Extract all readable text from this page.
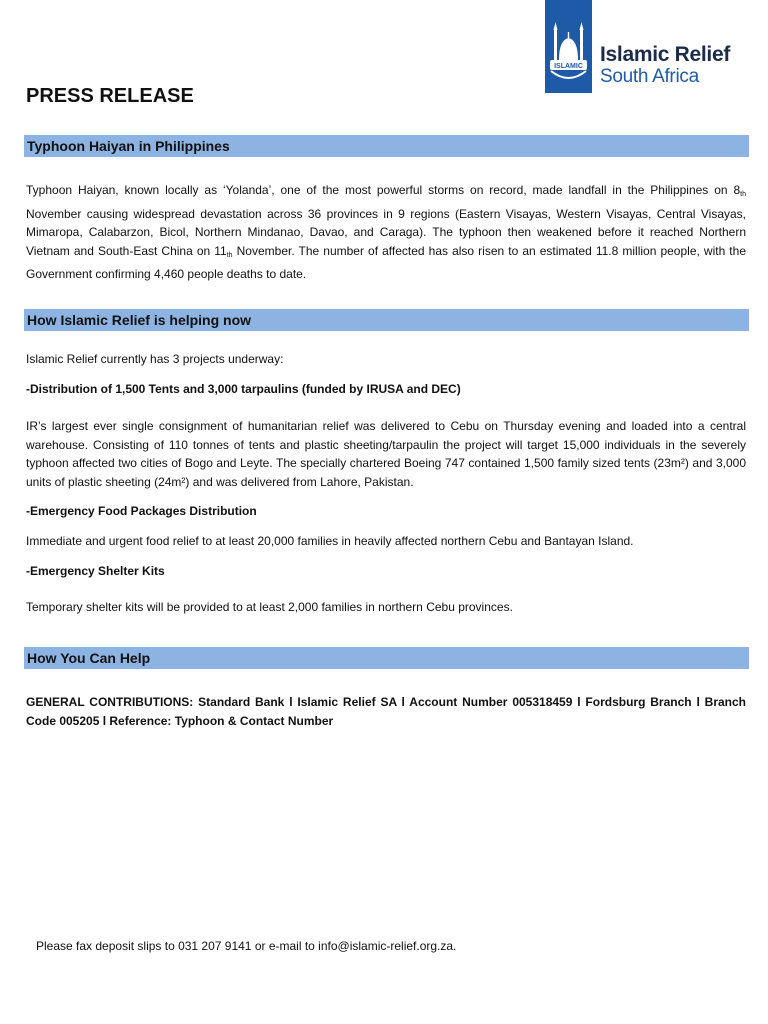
ISLAMIC
Islamic Relief
South Africa
PRESS RELEASE
Typhoon Haiyan in Philippines

Typhoon Haiyan, known locally as ‘Yolanda’, one of the most powerful storms on record, made landfall in the Philippines on $8_{th}$ November causing widespread devastation across 36 provinces in 9 regions (Eastern Visayas, Western Visayas, Central Visayas, Mimaropa, Calabarzon, Bicol, Northern Mindanao, Davao, and Caraga). The typhoon then weakened before it reached Northern Vietnam and South-East China on $11_{th}$ November. The number of affected has also risen to an estimated 11.8 million people, with the Government confirming 4,460 people deaths to date.

How Islamic Relief is helping now

Islamic Relief currently has 3 projects underway:

-Distribution of 1,500 Tents and 3,000 tarpaulins (funded by IRUSA and DEC)

IR’s largest ever single consignment of humanitarian relief was delivered to Cebu on Thursday evening and loaded into a central warehouse. Consisting of 110 tonnes of tents and plastic sheeting/tarpaulin the project will target 15,000 individuals in the severely typhoon affected two cities of Bogo and Leyte. The specially chartered Boeing 747 contained 1,500 family sized tents (23m²) and 3,000 units of plastic sheeting (24m²) and was delivered from Lahore, Pakistan.

-Emergency Food Packages Distribution

Immediate and urgent food relief to at least 20,000 families in heavily affected northern Cebu and Bantayan Island.

-Emergency Shelter Kits

Temporary shelter kits will be provided to at least 2,000 families in northern Cebu provinces.

How You Can Help

GENERAL CONTRIBUTIONS: Standard Bank l Islamic Relief SA l Account Number 005318459 l Fordsburg Branch l Branch Code 005205 l Reference: Typhoon & Contact Number

Please fax deposit slips to 031 207 9141 or e-mail to info@islamic-relief.org.za.
